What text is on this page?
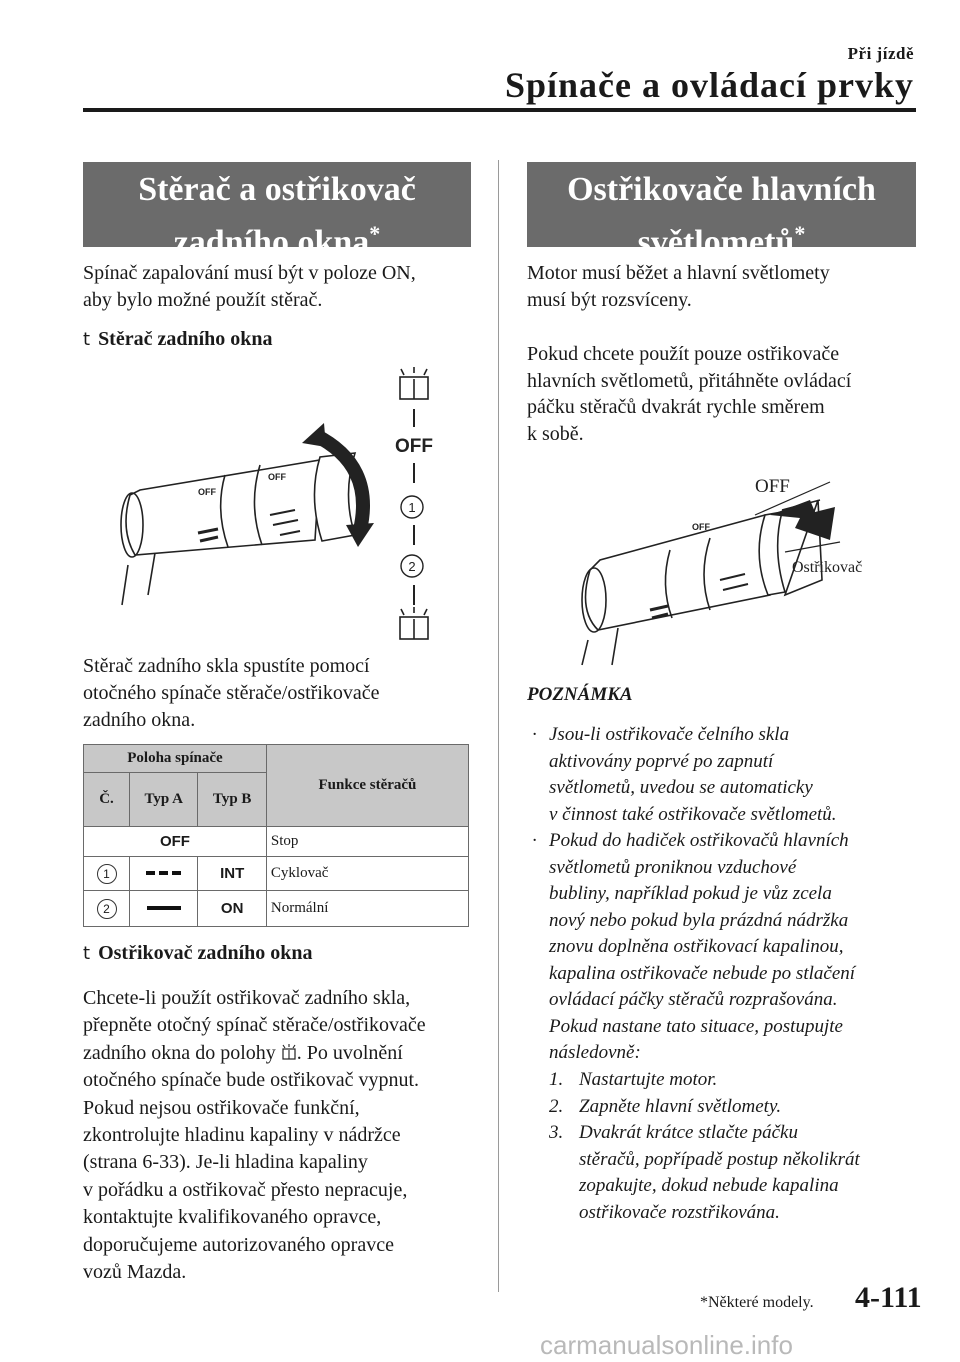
Při jízdě
Spínače a ovládací prvky
Stěrač a ostřikovač
zadního okna*
Spínač zapalování musí být v poloze ON,
aby bylo možné použít stěrač.
t Stěrač zadního okna
OFF
OFF
OFF
1
2
Stěrač zadního skla spustíte pomocí
otočného spínače stěrače/ostřikovače
zadního okna.
Poloha spínače			Funkce stěračů
Č.	Typ A	Typ B	
OFF			Stop
1		INT	Cyklovač
2		ON	Normální
t Ostřikovač zadního okna
Chcete-li použít ostřikovač zadního skla,
přepněte otočný spínač stěrače/ostřikovače
zadního okna do polohy . Po uvolnění
otočného spínače bude ostřikovač vypnut.
Pokud nejsou ostřikovače funkční,
zkontrolujte hladinu kapaliny v nádržce
(strana 6-33). Je-li hladina kapaliny
v pořádku a ostřikovač přesto nepracuje,
kontaktujte kvalifikovaného opravce,
doporučujeme autorizovaného opravce
vozů Mazda.
Ostřikovače hlavních
světlometů*
Motor musí běžet a hlavní světlomety
musí být rozsvíceny.
Pokud chcete použít pouze ostřikovače
hlavních světlometů, přitáhněte ovládací
páčku stěračů dvakrát rychle směrem
k sobě.
OFF
OFF
Ostřikovač
POZNÁMKA
· Jsou-li ostřikovače čelního skla
aktivovány poprvé po zapnutí
světlometů, uvedou se automaticky
v činnost také ostřikovače světlometů.
· Pokud do hadiček ostřikovačů hlavních
světlometů proniknou vzduchové
bubliny, například pokud je vůz zcela
nový nebo pokud byla prázdná nádržka
znovu doplněna ostřikovací kapalinou,
kapalina ostřikovače nebude po stlačení
ovládací páčky stěračů rozprašována.
Pokud nastane tato situace, postupujte
následovně:
1. Nastartujte motor.
2. Zapněte hlavní světlomety.
3. Dvakrát krátce stlačte páčku
stěračů, popřípadě postup několikrát
zopakujte, dokud nebude kapalina
ostřikovače rozstřikována.
*Některé modely. 4-111
carmanualsonline.info
